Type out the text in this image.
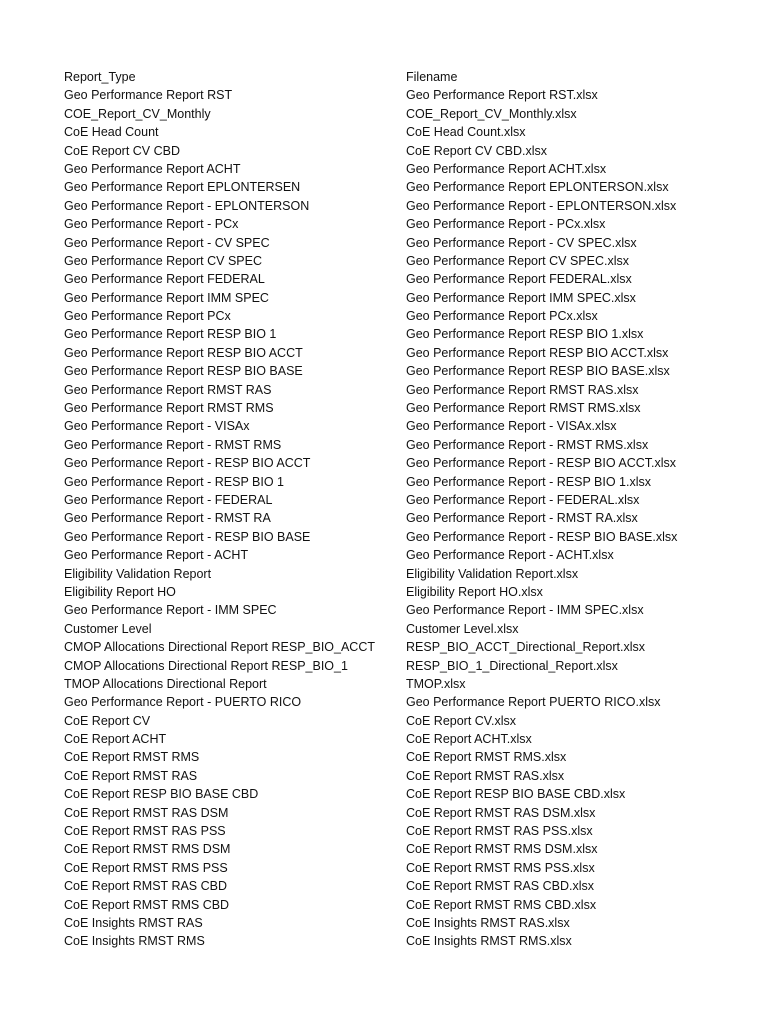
Report_Type	Filename
Geo Performance Report RST	Geo Performance Report RST.xlsx
COE_Report_CV_Monthly	COE_Report_CV_Monthly.xlsx
CoE Head Count	CoE Head Count.xlsx
CoE Report CV CBD	CoE Report CV CBD.xlsx
Geo Performance Report ACHT	Geo Performance Report ACHT.xlsx
Geo Performance Report EPLONTERSEN	Geo Performance Report EPLONTERSON.xlsx
Geo Performance Report - EPLONTERSON	Geo Performance Report - EPLONTERSON.xlsx
Geo Performance Report - PCx	Geo Performance Report - PCx.xlsx
Geo Performance Report - CV SPEC	Geo Performance Report - CV SPEC.xlsx
Geo Performance Report CV SPEC	Geo Performance Report CV SPEC.xlsx
Geo Performance Report FEDERAL	Geo Performance Report FEDERAL.xlsx
Geo Performance Report IMM SPEC	Geo Performance Report IMM SPEC.xlsx
Geo Performance Report PCx	Geo Performance Report PCx.xlsx
Geo Performance Report RESP BIO 1	Geo Performance Report RESP BIO 1.xlsx
Geo Performance Report RESP BIO ACCT	Geo Performance Report RESP BIO ACCT.xlsx
Geo Performance Report RESP BIO BASE	Geo Performance Report RESP BIO BASE.xlsx
Geo Performance Report RMST RAS	Geo Performance Report RMST RAS.xlsx
Geo Performance Report RMST RMS	Geo Performance Report RMST RMS.xlsx
Geo Performance Report - VISAx	Geo Performance Report - VISAx.xlsx
Geo Performance Report - RMST RMS	Geo Performance Report - RMST RMS.xlsx
Geo Performance Report - RESP BIO ACCT	Geo Performance Report - RESP BIO ACCT.xlsx
Geo Performance Report - RESP BIO 1	Geo Performance Report - RESP BIO 1.xlsx
Geo Performance Report - FEDERAL	Geo Performance Report - FEDERAL.xlsx
Geo Performance Report - RMST RA	Geo Performance Report - RMST RA.xlsx
Geo Performance Report - RESP BIO BASE	Geo Performance Report - RESP BIO BASE.xlsx
Geo Performance Report - ACHT	Geo Performance Report - ACHT.xlsx
Eligibility Validation Report	Eligibility Validation Report.xlsx
Eligibility Report HO	Eligibility Report HO.xlsx
Geo Performance Report - IMM SPEC	Geo Performance Report - IMM SPEC.xlsx
Customer Level	Customer Level.xlsx
CMOP Allocations Directional Report RESP_BIO_ACCT	RESP_BIO_ACCT_Directional_Report.xlsx
CMOP Allocations Directional Report RESP_BIO_1	RESP_BIO_1_Directional_Report.xlsx
TMOP Allocations Directional Report	TMOP.xlsx
Geo Performance Report - PUERTO RICO	Geo Performance Report PUERTO RICO.xlsx
CoE Report CV	CoE Report CV.xlsx
CoE Report ACHT	CoE Report ACHT.xlsx
CoE Report RMST RMS	CoE Report RMST RMS.xlsx
CoE Report RMST RAS	CoE Report RMST RAS.xlsx
CoE Report RESP BIO BASE CBD	CoE Report RESP BIO BASE CBD.xlsx
CoE Report RMST RAS DSM	CoE Report RMST RAS DSM.xlsx
CoE Report RMST RAS PSS	CoE Report RMST RAS PSS.xlsx
CoE Report RMST RMS DSM	CoE Report RMST RMS DSM.xlsx
CoE Report RMST RMS PSS	CoE Report RMST RMS PSS.xlsx
CoE Report RMST RAS CBD	CoE Report RMST RAS CBD.xlsx
CoE Report RMST RMS CBD	CoE Report RMST RMS CBD.xlsx
CoE Insights RMST RAS	CoE Insights RMST RAS.xlsx
CoE Insights RMST RMS	CoE Insights RMST RMS.xlsx
